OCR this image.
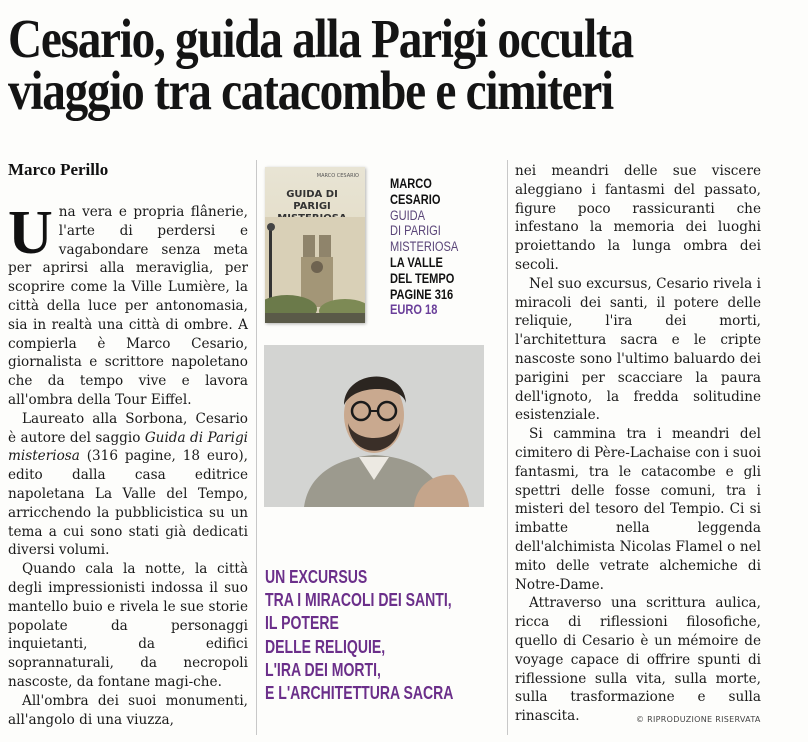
Cesario, guida alla Parigi occulta
viaggio tra catacombe e cimiteri
Marco Perillo

Una vera e propria flânerie, l'arte di perdersi e vagabondare senza meta per aprirsi alla meraviglia, per scoprire come la Ville Lumière, la città della luce per antonomasia, sia in realtà una città di ombre. A compierla è Marco Cesario, giornalista e scrittore napoletano che da tempo vive e lavora all'ombra della Tour Eiffel.

Laureato alla Sorbona, Cesario è autore del saggio Guida di Parigi misteriosa (316 pagine, 18 euro), edito dalla casa editrice napoletana La Valle del Tempo, arricchendo la pubblicistica su un tema a cui sono stati già dedicati diversi volumi.

Quando cala la notte, la città degli impressionisti indossa il suo mantello buio e rivela le sue storie popolate da personaggi inquietanti, da edifici soprannaturali, da necropoli nascoste, da fontane magi-che.

All'ombra dei suoi monumenti, all'angolo di una viuzza,

MARCO CESARIO
GUIDA DI PARIGI
MARCO
CESARIO
GUIDA
DI PARIGI
MISTERIOSA
LA VALLE
DEL TEMPO
PAGINE 316
EURO 18
UN EXCURSUS
TRA I MIRACOLI DEI SANTI,
IL POTERE
DELLE RELIQUIE,
L'IRA DEI MORTI,
E L'ARCHITETTURA SACRA

nei meandri delle sue viscere aleggiano i fantasmi del passato, figure poco rassicuranti che infestano la memoria dei luoghi proiettando la lunga ombra dei secoli.

Nel suo excursus, Cesario rivela i miracoli dei santi, il potere delle reliquie, l'ira dei morti, l'architettura sacra e le cripte nascoste sono l'ultimo baluardo dei parigini per scacciare la paura dell'ignoto, la fredda solitudine esistenziale.

Si cammina tra i meandri del cimitero di Père-Lachaise con i suoi fantasmi, tra le catacombe e gli spettri delle fosse comuni, tra i misteri del tesoro del Tempio. Ci si imbatte nella leggenda dell'alchimista Nicolas Flamel o nel mito delle vetrate alchemiche di Notre-Dame.

Attraverso una scrittura aulica, ricca di riflessioni filosofiche, quello di Cesario è un mémoire de voyage capace di offrire spunti di riflessione sulla vita, sulla morte, sulla trasformazione e sulla rinascita.	© RIPRODUZIONE RISERVATA
